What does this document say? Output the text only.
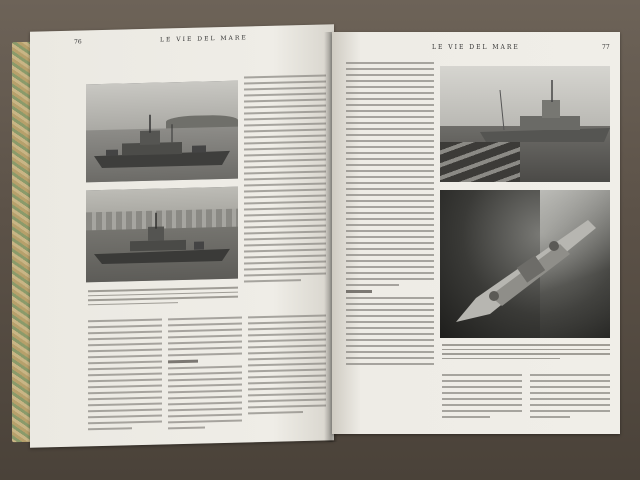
76	LE VIE DEL MARE
LE VIE DEL MARE	77
